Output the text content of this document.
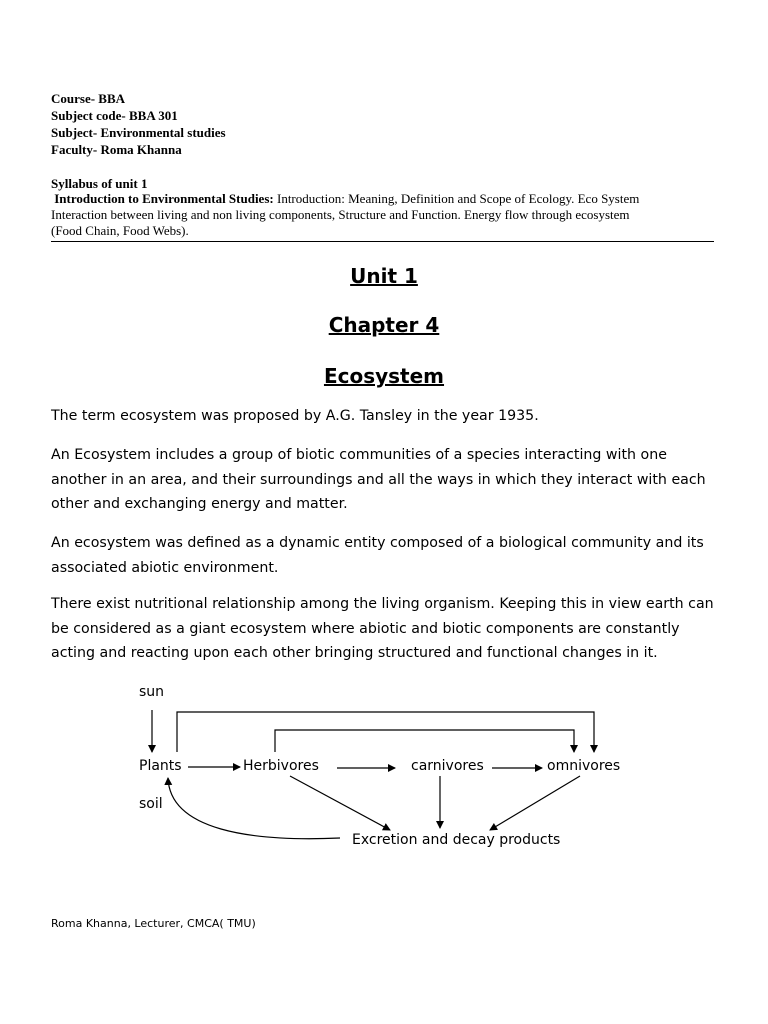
Course- BBA
Subject code- BBA 301
Subject- Environmental studies
Faculty- Roma Khanna
Syllabus of unit 1
Introduction to Environmental Studies: Introduction: Meaning, Definition and Scope of Ecology. Eco System
Interaction between living and non living components, Structure and Function. Energy flow through ecosystem
(Food Chain, Food Webs).
Unit 1
Chapter 4
Ecosystem
The term ecosystem was proposed by A.G. Tansley in the year 1935.
An Ecosystem includes a group of biotic communities of a species interacting with one another in an area, and their surroundings and all the ways in which they interact with each other and exchanging energy and matter.
An ecosystem was defined as a dynamic entity composed of a biological community and its associated abiotic environment.
There exist nutritional relationship among the living organism. Keeping this in view earth can be considered as a giant ecosystem where abiotic and biotic components are constantly acting and reacting upon each other bringing structured and functional changes in it.
sun
Plants
soil
Herbivores	carnivores	omnivores
Excretion and decay products
Roma Khanna, Lecturer, CMCA( TMU)
